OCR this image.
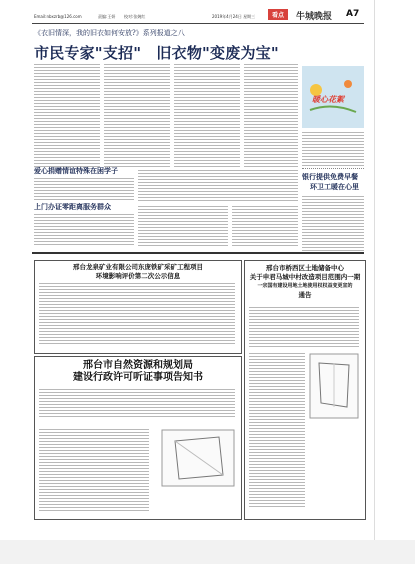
Email:nbxzrb@126.com	责编:王妍 校对:张婉红	2019年4月24日 星期三	看点	牛城晚报 A7
《衣旧情深，我的旧衣如何安放?》系列报道之八
市民专家"支招"　旧衣物"变废为宝"
爱心捐赠情谊特殊在困学子
上门办证零距离服务群众
暖心花絮
银行提供免费早餐
环卫工暖在心里
邢台龙泉矿业有限公司东庞铁矿采矿工程项目
环境影响评价第二次公示信息
邢台市自然资源和规划局
建设行政许可听证事项告知书
邢台市桥西区土地储备中心
关于申君马城中村改造项目范围内一期
一宗国有建设用地土地使用权权益变更宣的
通告
